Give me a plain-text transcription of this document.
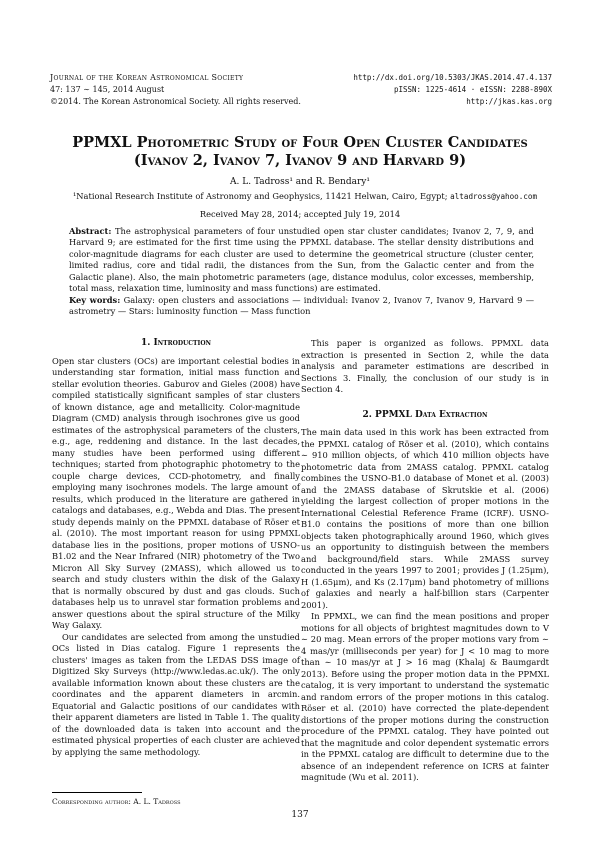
Journal of the Korean Astronomical Society
47: 137 ∼ 145, 2014 August
©2014. The Korean Astronomical Society. All rights reserved.
http://dx.doi.org/10.5303/JKAS.2014.47.4.137
pISSN: 1225-4614 · eISSN: 2288-890X
http://jkas.kas.org
PPMXL Photometric Study of Four Open Cluster Candidates
(Ivanov 2, Ivanov 7, Ivanov 9 and Harvard 9)
A. L. Tadross¹ and R. Bendary¹
¹National Research Institute of Astronomy and Geophysics, 11421 Helwan, Cairo, Egypt; altadross@yahoo.com
Received May 28, 2014; accepted July 19, 2014
Abstract: The astrophysical parameters of four unstudied open star cluster candidates; Ivanov 2, 7, 9, and Harvard 9; are estimated for the first time using the PPMXL database. The stellar density distributions and color-magnitude diagrams for each cluster are used to determine the geometrical structure (cluster center, limited radius, core and tidal radii, the distances from the Sun, from the Galactic center and from the Galactic plane). Also, the main photometric parameters (age, distance modulus, color excesses, membership, total mass, relaxation time, luminosity and mass functions) are estimated.
Key words: Galaxy: open clusters and associations — individual: Ivanov 2, Ivanov 7, Ivanov 9, Harvard 9 — astrometry — Stars: luminosity function — Mass function
1. Introduction

Open star clusters (OCs) are important celestial bodies in understanding star formation, initial mass function and stellar evolution theories. Gaburov and Gieles (2008) have compiled statistically significant samples of star clusters of known distance, age and metallicity. Color-magnitude Diagram (CMD) analysis through isochrones give us good estimates of the astrophysical parameters of the clusters, e.g., age, reddening and distance. In the last decades, many studies have been performed using different techniques; started from photographic photometry to the couple charge devices, CCD-photometry, and finally employing many isochrones models. The large amount of results, which produced in the literature are gathered in catalogs and databases, e.g., Webda and Dias. The present study depends mainly on the PPMXL database of Röser et al. (2010). The most important reason for using PPMXL database lies in the positions, proper motions of USNO-B1.02 and the Near Infrared (NIR) photometry of the Two Micron All Sky Survey (2MASS), which allowed us to search and study clusters within the disk of the Galaxy that is normally obscured by dust and gas clouds. Such databases help us to unravel star formation problems and answer questions about the spiral structure of the Milky Way Galaxy.

Our candidates are selected from among the unstudied OCs listed in Dias catalog. Figure 1 represents the clusters' images as taken from the LEDAS DSS image of Digitized Sky Surveys (http://www.ledas.ac.uk/). The only available information known about these clusters are the coordinates and the apparent diameters in arcmin. Equatorial and Galactic positions of our candidates with their apparent diameters are listed in Table 1. The quality of the downloaded data is taken into account and the estimated physical properties of each cluster are achieved by applying the same methodology.

This paper is organized as follows. PPMXL data extraction is presented in Section 2, while the data analysis and parameter estimations are described in Sections 3. Finally, the conclusion of our study is in Section 4.

2. PPMXL Data Extraction

The main data used in this work has been extracted from the PPMXL catalog of Röser et al. (2010), which contains ∼ 910 million objects, of which 410 million objects have photometric data from 2MASS catalog. PPMXL catalog combines the USNO-B1.0 database of Monet et al. (2003) and the 2MASS database of Skrutskie et al. (2006) yielding the largest collection of proper motions in the International Celestial Reference Frame (ICRF). USNO-B1.0 contains the positions of more than one billion objects taken photographically around 1960, which gives us an opportunity to distinguish between the members and background/field stars. While 2MASS survey conducted in the years 1997 to 2001; provides J (1.25μm), H (1.65μm), and Ks (2.17μm) band photometry of millions of galaxies and nearly a half-billion stars (Carpenter 2001).

In PPMXL, we can find the mean positions and proper motions for all objects of brightest magnitudes down to V ∼ 20 mag. Mean errors of the proper motions vary from ∼ 4 mas/yr (milliseconds per year) for J < 10 mag to more than ∼ 10 mas/yr at J > 16 mag (Khalaj & Baumgardt 2013). Before using the proper motion data in the PPMXL catalog, it is very important to understand the systematic and random errors of the proper motions in this catalog. Röser et al. (2010) have corrected the plate-dependent distortions of the proper motions during the construction procedure of the PPMXL catalog. They have pointed out that the magnitude and color dependent systematic errors in the PPMXL catalog are difficult to determine due to the absence of an independent reference on ICRS at fainter magnitude (Wu et al. 2011).

Corresponding author: A. L. Tadross
137
